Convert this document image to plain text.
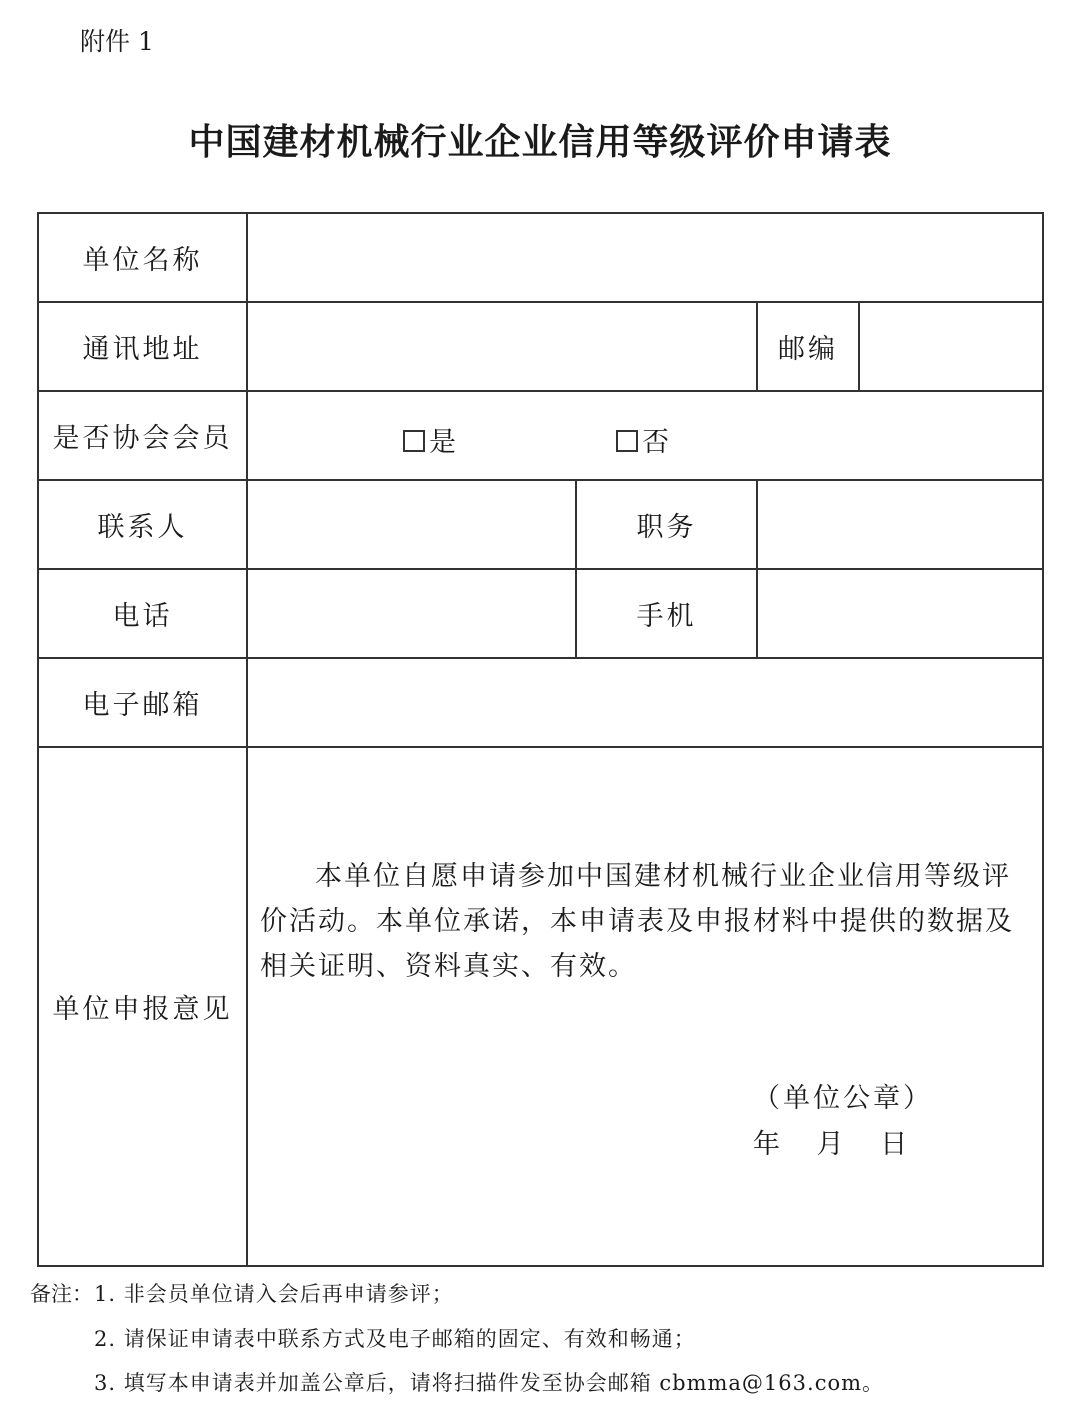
附件 1
中国建材机械行业企业信用等级评价申请表
单位名称				
通讯地址			邮编	
是否协会会员	是 否			

联系人		职务		
电话		手机		
电子邮箱				
单位申报意见	本单位自愿申请参加中国建材机械行业企业信用等级评价活动。本单位承诺，本申请表及申报材料中提供的数据及相关证明、资料真实、有效。

（单位公章）
年 月 日			
备注： 1. 非会员单位请入会后再申请参评；
2. 请保证申请表中联系方式及电子邮箱的固定、有效和畅通；
3. 填写本申请表并加盖公章后，请将扫描件发至协会邮箱 cbmma@163.com。
